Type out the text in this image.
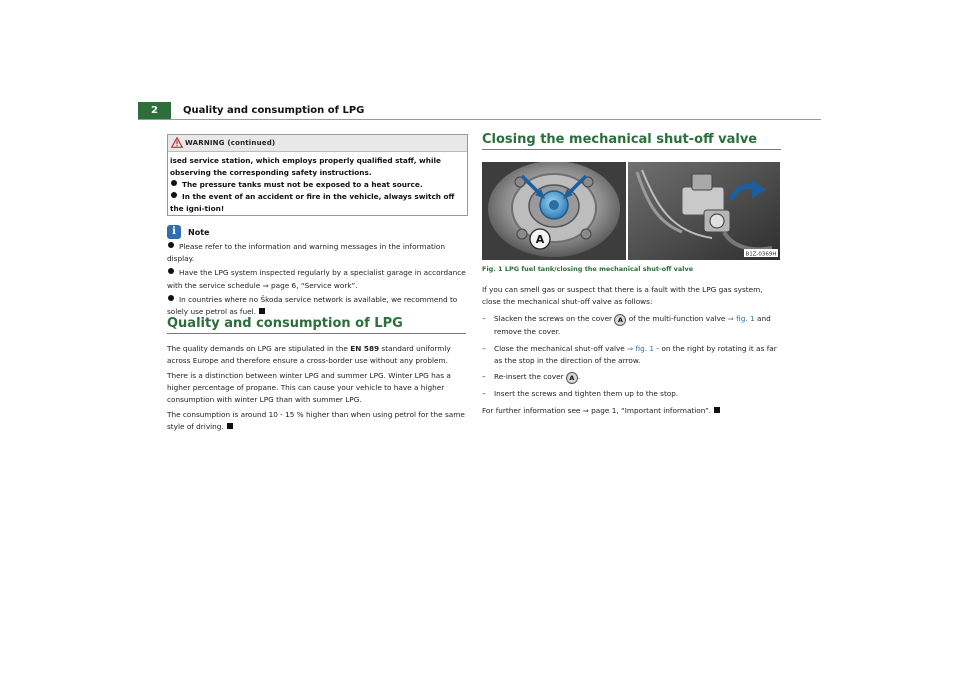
2	Quality and consumption of LPG
WARNING (continued)

ised service station, which employs properly qualified staff, while observing the corresponding safety instructions.

The pressure tanks must not be exposed to a heat source.

In the event of an accident or fire in the vehicle, always switch off the igni-tion!

i	Note

Please refer to the information and warning messages in the information display.

Have the LPG system inspected regularly by a specialist garage in accordance with the service schedule ⇒ page 6, “Service work”.

In countries where no Škoda service network is available, we recommend to solely use petrol as fuel.

Quality and consumption of LPG

The quality demands on LPG are stipulated in the EN 589 standard uniformly across Europe and therefore ensure a cross-border use without any problem.

There is a distinction between winter LPG and summer LPG. Winter LPG has a higher percentage of propane. This can cause your vehicle to have a higher consumption with winter LPG than with summer LPG.

The consumption is around 10 - 15 % higher than when using petrol for the same style of driving.

Closing the mechanical shut-off valve
A
B1Z-0369H
Fig. 1 LPG fuel tank/closing the mechanical shut-off valve

If you can smell gas or suspect that there is a fault with the LPG gas system, close the mechanical shut-off valve as follows:

– Slacken the screws on the cover A of the multi-function valve ⇒ fig. 1 and remove the cover.
– Close the mechanical shut-off valve ⇒ fig. 1 - on the right by rotating it as far as the stop in the direction of the arrow.
– Re-insert the cover A .
– Insert the screws and tighten them up to the stop.

For further information see ⇒ page 1, “Important information”.
